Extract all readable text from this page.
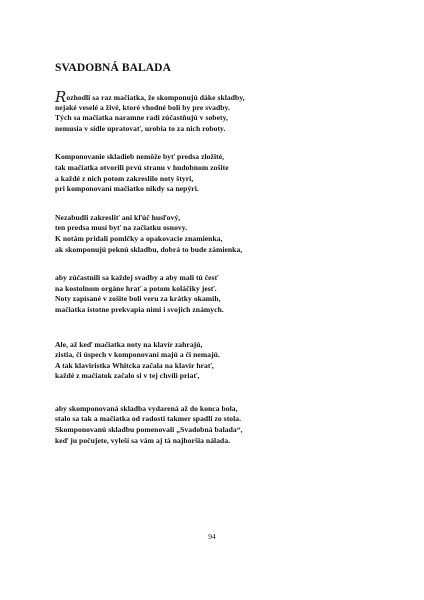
SVADOBNÁ BALADA
Rozhodli sa raz mačiatka, že skomponujú dáke skladby,
nejaké veselé a živé, ktoré vhodné boli by pre svadby.
Tých sa mačiatka naramne radi zúčastňujú v sobety,
nemusia v sídle upratovať, urobia to za nich roboty.
Komponovanie skladieb nemôže byť predsa zložité,
tak mačiatka otvorili prvú stranu v hudobnom zošite
a každé z nich potom zakreslilo noty štyri,
pri komponovaní mačiatko nikdy sa nepýri.
Nezabudli zakresliť ani kľúč husľový,
ten predsa musí byť na začiatku osnovy.
K notám pridali pomlčky a opakovacie znamienka,
ak skomponujú peknú skladbu, dobrá to bude zámienka,
aby zúčastnili sa každej svadby a aby mali tú česť
na kostolnom orgáne hrať a potom koláčiky jesť.
Noty zapísané v zošite boli veru za krátky okamih,
mačiatka istotne prekvapia nimi i svojich známych.
Ale, až keď mačiatka noty na klavír zahrajú,
zistia, či úspech v komponovaní majú a či nemajú.
A tak klaviristka Whitcka začala na klavír hrať,
každé z mačiatok začalo si v tej chvíli priať,
aby skomponovaná skladba vydarená až do konca bola,
stalo sa tak a mačiatka od radosti takmer spadli zo stola.
Skomponovanú skladbu pomenovali „Svadobná balada“,
keď ju počujete, vyleší sa vám aj tá najhoršia nálada.
94
